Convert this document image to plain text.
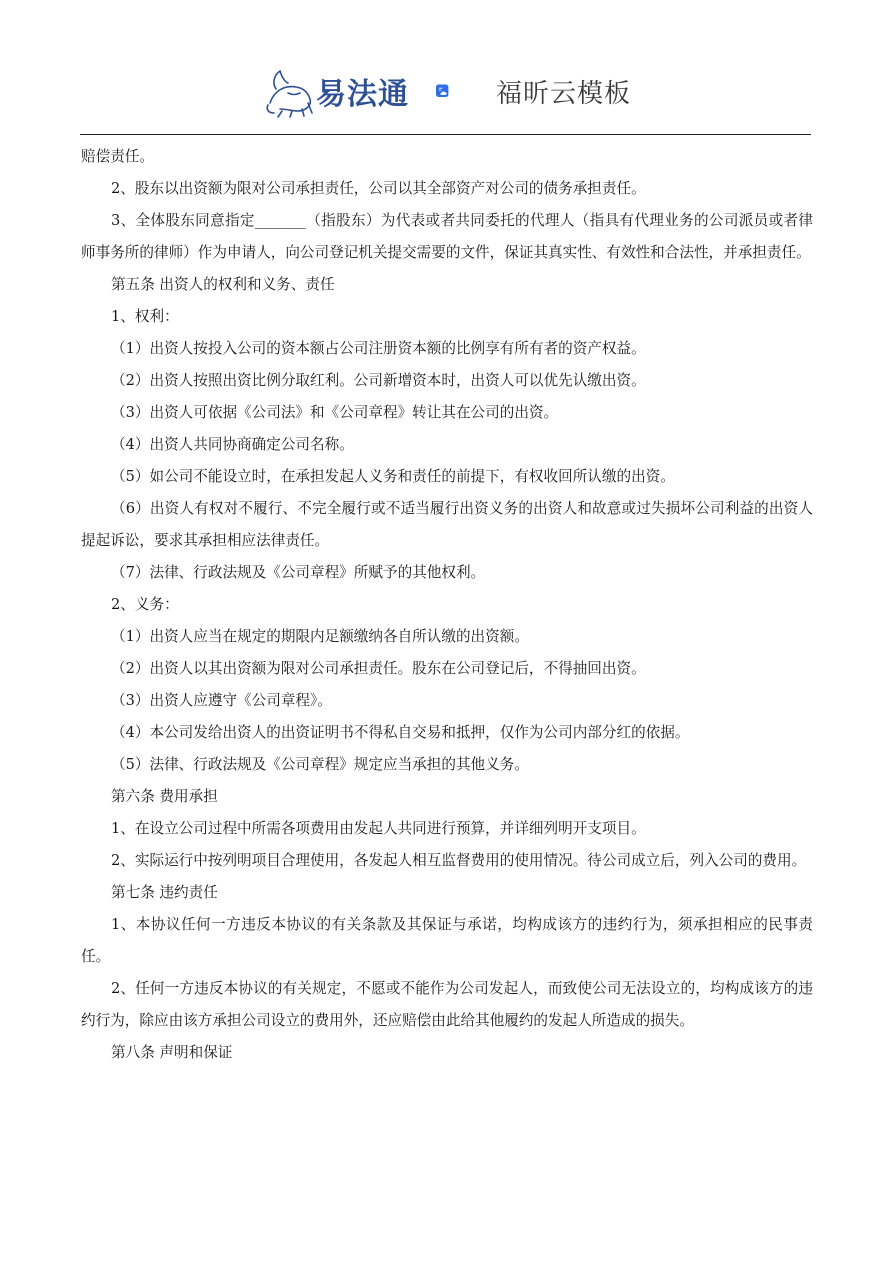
易法通	福昕云模板

赔偿责任。

2、股东以出资额为限对公司承担责任，公司以其全部资产对公司的债务承担责任。

3、全体股东同意指定_______（指股东）为代表或者共同委托的代理人（指具有代理业务的公司派员或者律师事务所的律师）作为申请人，向公司登记机关提交需要的文件，保证其真实性、有效性和合法性，并承担责任。

第五条 出资人的权利和义务、责任

1、权利：

（1）出资人按投入公司的资本额占公司注册资本额的比例享有所有者的资产权益。

（2）出资人按照出资比例分取红利。公司新增资本时，出资人可以优先认缴出资。

（3）出资人可依据《公司法》和《公司章程》转让其在公司的出资。

（4）出资人共同协商确定公司名称。

（5）如公司不能设立时，在承担发起人义务和责任的前提下，有权收回所认缴的出资。

（6）出资人有权对不履行、不完全履行或不适当履行出资义务的出资人和故意或过失损坏公司利益的出资人提起诉讼，要求其承担相应法律责任。

（7）法律、行政法规及《公司章程》所赋予的其他权利。

2、义务：

（1）出资人应当在规定的期限内足额缴纳各自所认缴的出资额。

（2）出资人以其出资额为限对公司承担责任。股东在公司登记后，不得抽回出资。

（3）出资人应遵守《公司章程》。

（4）本公司发给出资人的出资证明书不得私自交易和抵押，仅作为公司内部分红的依据。

（5）法律、行政法规及《公司章程》规定应当承担的其他义务。

第六条 费用承担

1、在设立公司过程中所需各项费用由发起人共同进行预算，并详细列明开支项目。

2、实际运行中按列明项目合理使用，各发起人相互监督费用的使用情况。待公司成立后，列入公司的费用。

第七条 违约责任

1、本协议任何一方违反本协议的有关条款及其保证与承诺，均构成该方的违约行为，须承担相应的民事责任。

2、任何一方违反本协议的有关规定，不愿或不能作为公司发起人，而致使公司无法设立的，均构成该方的违约行为，除应由该方承担公司设立的费用外，还应赔偿由此给其他履约的发起人所造成的损失。

第八条 声明和保证
